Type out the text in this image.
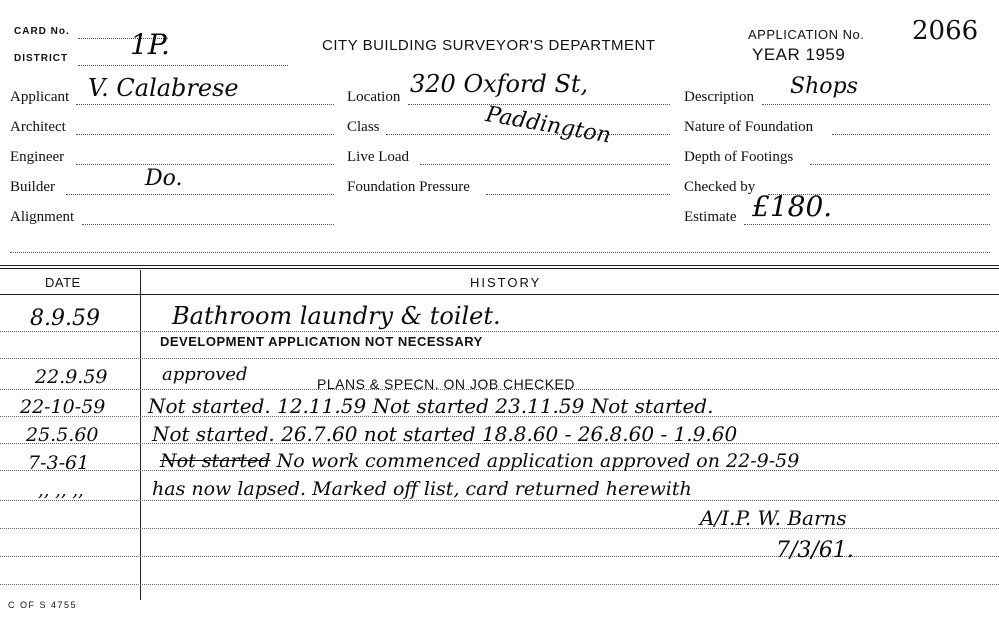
CARD No.
DISTRICT 1P.	CITY BUILDING SURVEYOR'S DEPARTMENT
APPLICATION No.
YEAR 1959
2066
Applicant V. Calabrese
Architect
Engineer
Builder	Do.
Alignment
Location 320 Oxford St,
Paddington
Class
Live Load
Foundation Pressure
Description Shops
Nature of Foundation
Depth of Footings
Checked by
Estimate £180.
DATE	HISTORY
8.9.59	Bathroom laundry & toilet.
DEVELOPMENT APPLICATION NOT NECESSARY
22.9.59	approved	PLANS & SPECN. ON JOB CHECKED
22-10-59 Not started. 12.11.59 Not started 23.11.59 Not started.
25.5.60	Not started. 26.7.60 not started 18.8.60 - 26.8.60 - 1.9.60
7-3-61	Not started No work commenced application approved on 22-9-59
,, ,, ,,	has now lapsed. Marked off list, card returned herewith
A/I.P. W. Barns
7/3/61.
C OF S 4755
